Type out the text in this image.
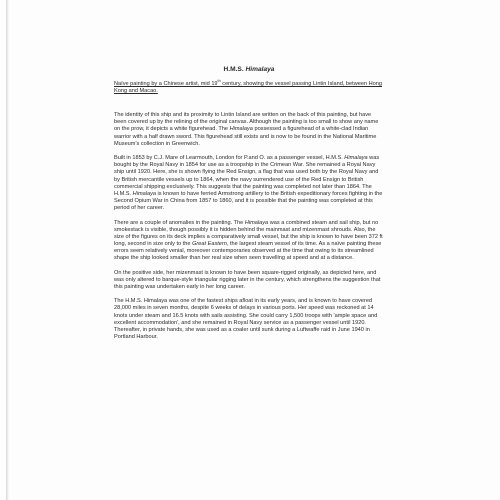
H.M.S. Himalaya
Naïve painting by a Chinese artist, mid 19th century, showing the vessel passing Lintin Island, between Hong Kong and Macao.

The identity of this ship and its proximity to Lintin Island are written on the back of this painting, but have been covered up by the relining of the original canvas. Although the painting is too small to show any name on the prow, it depicts a white figurehead. The Himalaya possessed a figurehead of a white-clad Indian warrior with a half drawn sword. This figurehead still exists and is now to be found in the National Maritime Museum's collection in Greenwich.

Built in 1853 by C.J. Mare of Learmouth, London for P.and O. as a passenger vessel, H.M.S. Himalaya was bought by the Royal Navy in 1854 for use as a troopship in the Crimean War. She remained a Royal Navy ship until 1920. Here, she is shown flying the Red Ensign, a flag that was used both by the Royal Navy and by British mercantile vessels up to 1864, when the navy surrendered use of the Red Ensign to British commercial shipping exclusively. This suggests that the painting was completed not later than 1864. The H.M.S. Himalaya is known to have ferried Armstrong artillery to the British expeditionary forces fighting in the Second Opium War in China from 1857 to 1860, and it is possible that the painting was completed at this period of her career.

There are a couple of anomalies in the painting. The Himalaya was a combined steam and sail ship, but no smokestack is visible, though possibly it is hidden behind the mainmast and mizenmast shrouds. Also, the size of the figures on its deck implies a comparatively small vessel, but the ship is known to have been 372 ft long, second in size only to the Great Eastern, the largest steam vessel of its time. As a naïve painting these errors seem relatively venial, moreover contemporaries observed at the time that owing to its streamlined shape the ship looked smaller than her real size when seen travelling at speed and at a distance.

On the positive side, her mizenmast is known to have been square-rigged originally, as depicted here, and was only altered to barque-style triangular rigging later in the century, which strengthens the suggestion that this painting was undertaken early in her long career.

The H.M.S. Himalaya was one of the fastest ships afloat in its early years, and is known to have covered 28,000 miles in seven months, despite 6 weeks of delays in various ports. Her speed was reckoned at 14 knots under steam and 16.5 knots with sails assisting. She could carry 1,500 troops with 'ample space and excellent accommodation', and she remained in Royal Navy service as a passenger vessel until 1920. Thereafter, in private hands, she was used as a coaler until sunk during a Luftwaffe raid in June 1940 in Portland Harbour.
